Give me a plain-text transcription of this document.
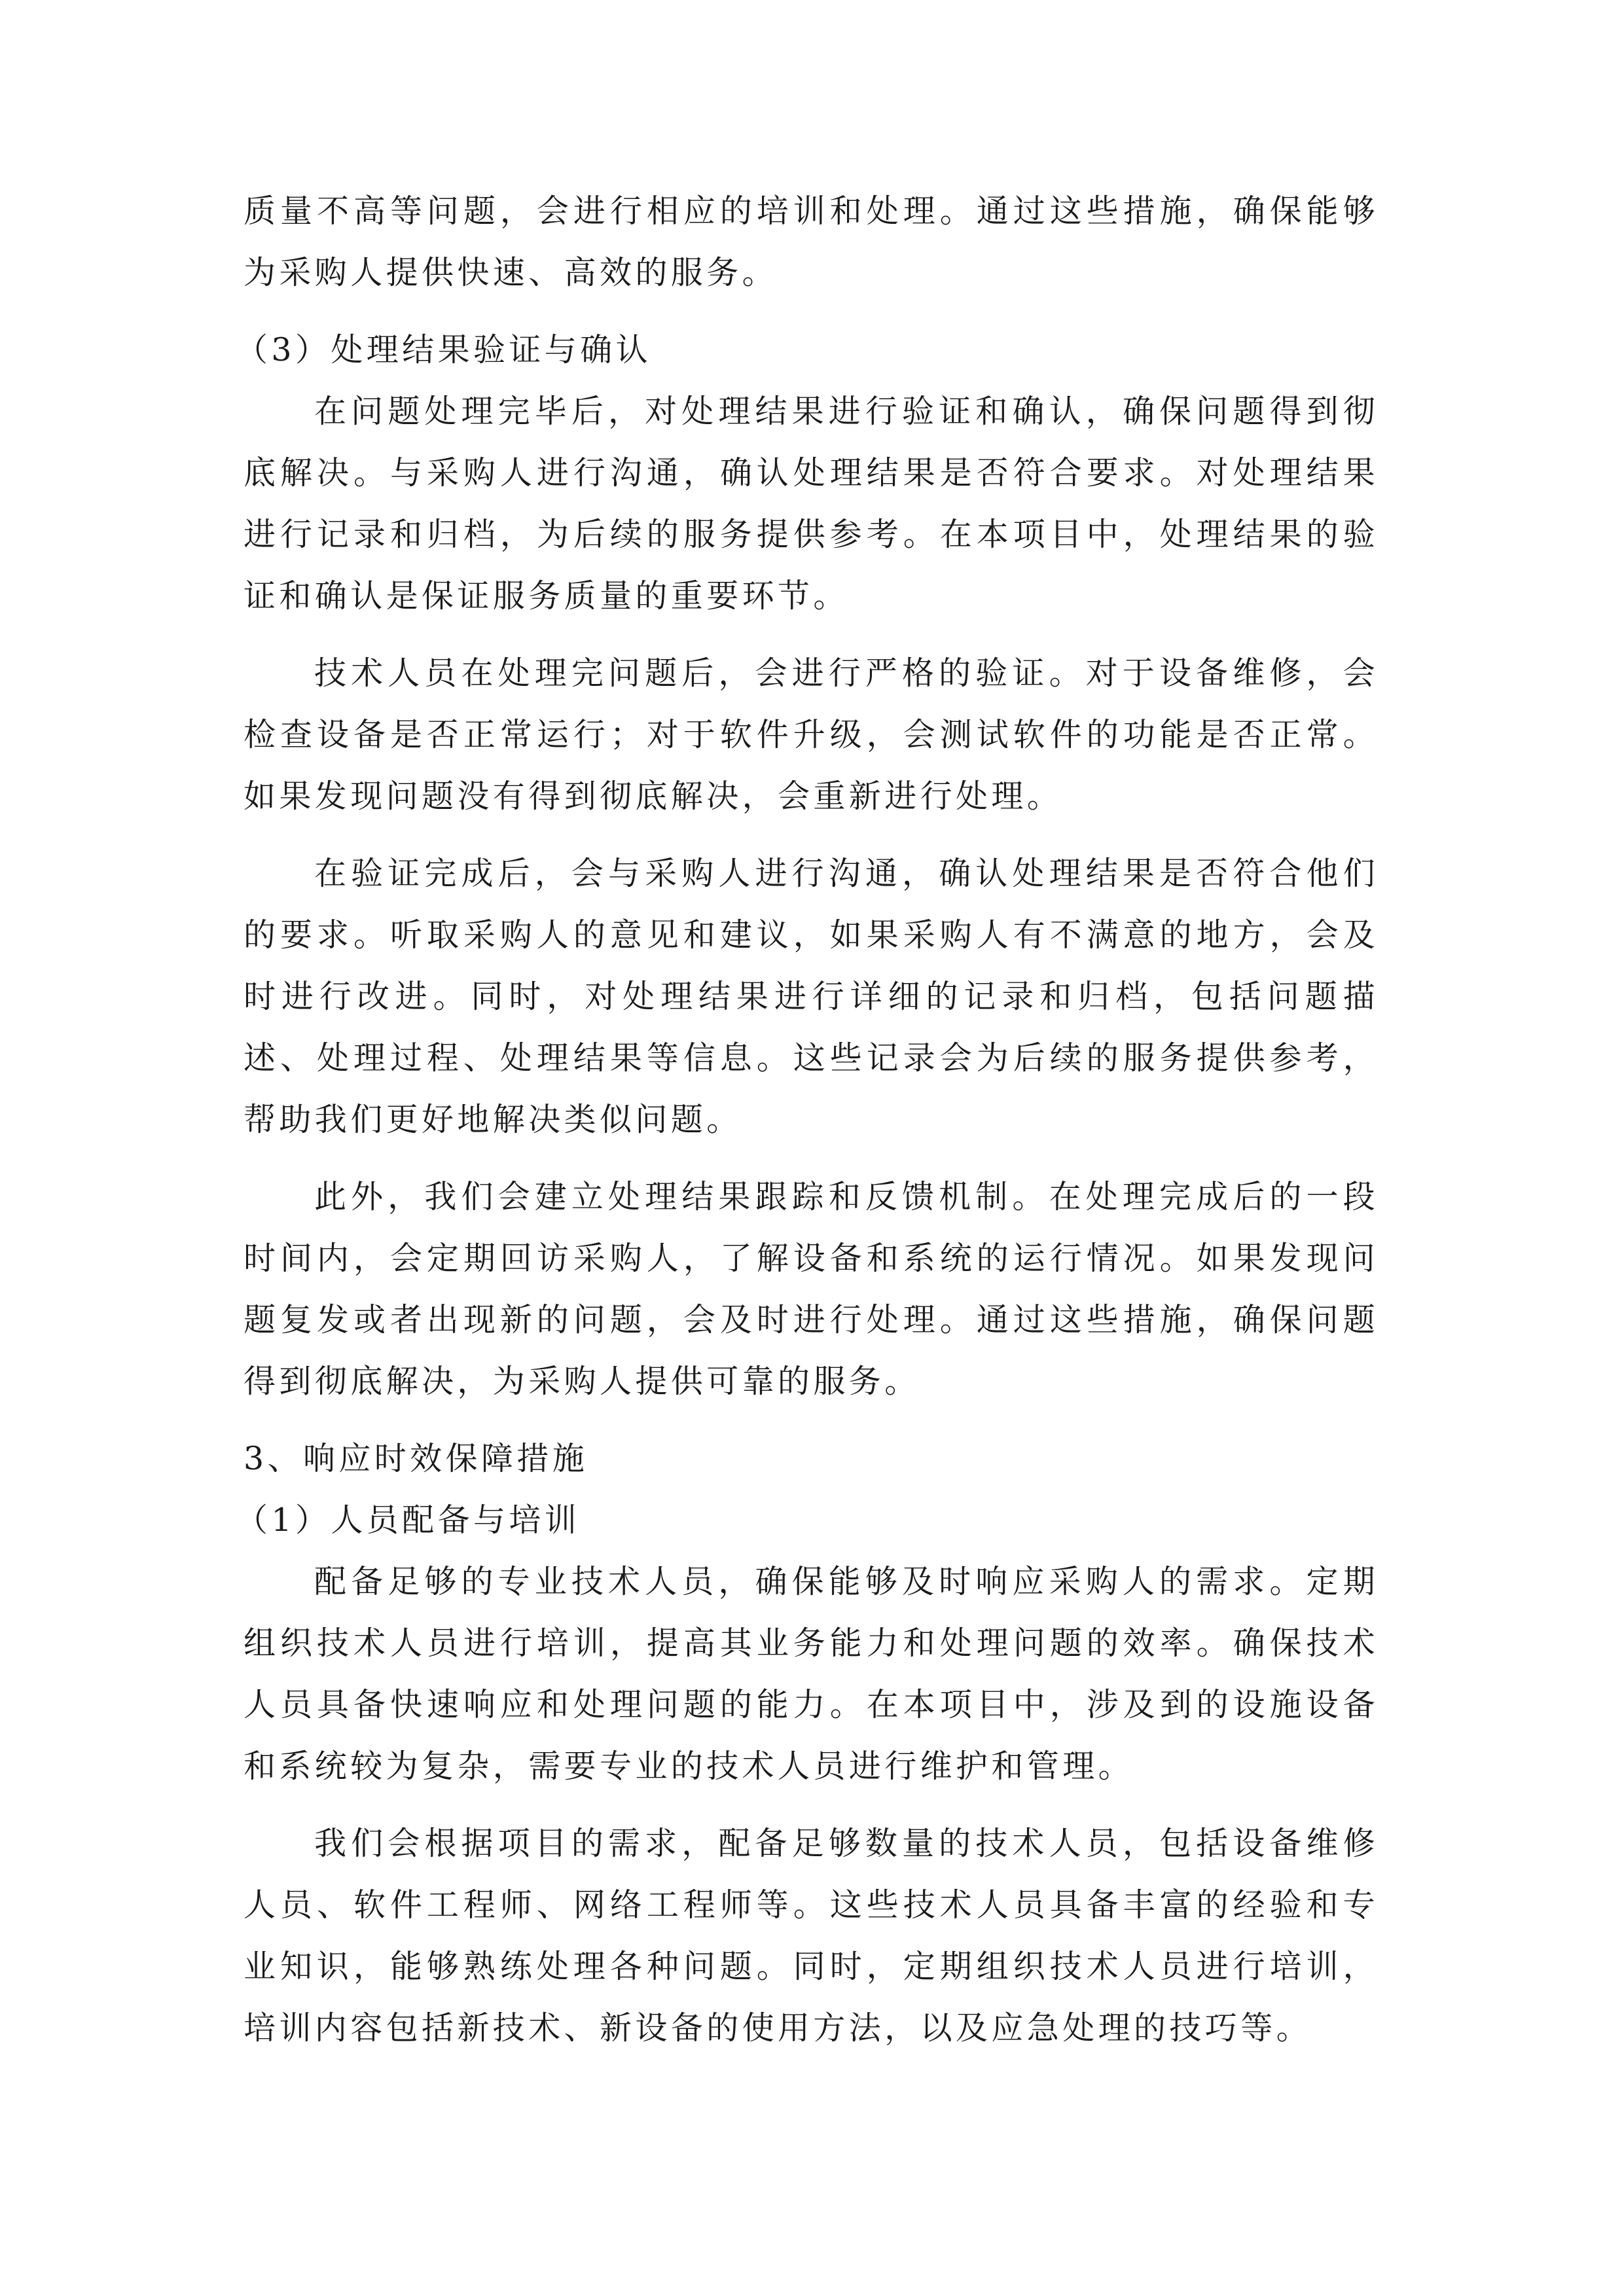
质量不高等问题，会进行相应的培训和处理。通过这些措施，确保能够为采购人提供快速、高效的服务。

（3）处理结果验证与确认

在问题处理完毕后，对处理结果进行验证和确认，确保问题得到彻底解决。与采购人进行沟通，确认处理结果是否符合要求。对处理结果进行记录和归档，为后续的服务提供参考。在本项目中，处理结果的验证和确认是保证服务质量的重要环节。

技术人员在处理完问题后，会进行严格的验证。对于设备维修，会检查设备是否正常运行；对于软件升级，会测试软件的功能是否正常。如果发现问题没有得到彻底解决，会重新进行处理。

在验证完成后，会与采购人进行沟通，确认处理结果是否符合他们的要求。听取采购人的意见和建议，如果采购人有不满意的地方，会及时进行改进。同时，对处理结果进行详细的记录和归档，包括问题描述、处理过程、处理结果等信息。这些记录会为后续的服务提供参考，帮助我们更好地解决类似问题。

此外，我们会建立处理结果跟踪和反馈机制。在处理完成后的一段时间内，会定期回访采购人，了解设备和系统的运行情况。如果发现问题复发或者出现新的问题，会及时进行处理。通过这些措施，确保问题得到彻底解决，为采购人提供可靠的服务。

3、响应时效保障措施

（1）人员配备与培训

配备足够的专业技术人员，确保能够及时响应采购人的需求。定期组织技术人员进行培训，提高其业务能力和处理问题的效率。确保技术人员具备快速响应和处理问题的能力。在本项目中，涉及到的设施设备和系统较为复杂，需要专业的技术人员进行维护和管理。

我们会根据项目的需求，配备足够数量的技术人员，包括设备维修人员、软件工程师、网络工程师等。这些技术人员具备丰富的经验和专业知识，能够熟练处理各种问题。同时，定期组织技术人员进行培训，培训内容包括新技术、新设备的使用方法，以及应急处理的技巧等。
